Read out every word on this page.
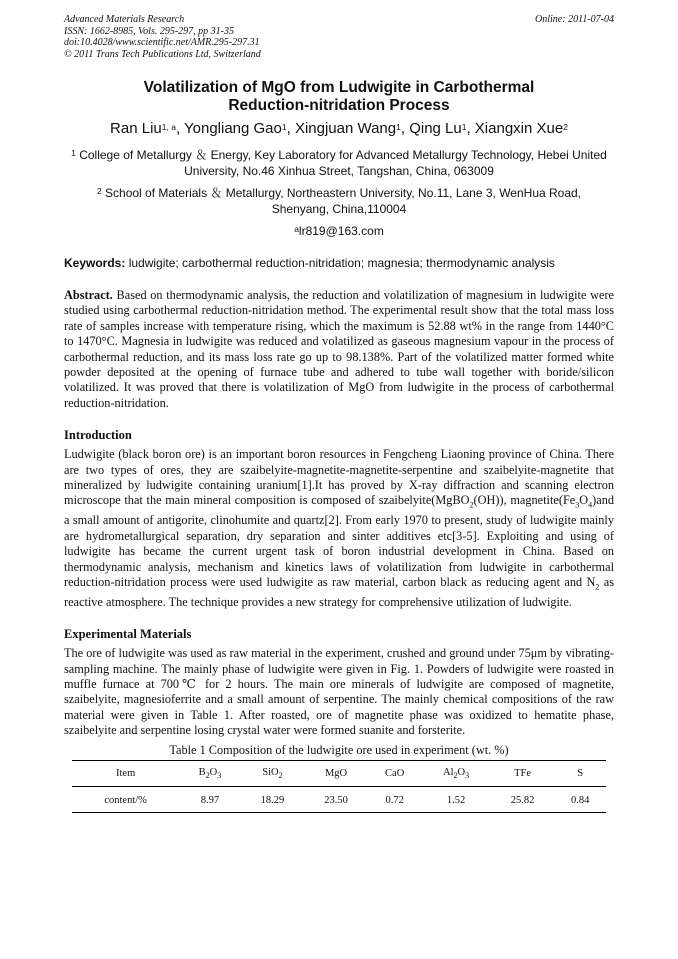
Advanced Materials Research
ISSN: 1662-8985, Vols. 295-297, pp 31-35
doi:10.4028/www.scientific.net/AMR.295-297.31
© 2011 Trans Tech Publications Ltd, Switzerland
Online: 2011-07-04
Volatilization of MgO from Ludwigite in Carbothermal
Reduction-nitridation Process
Ran Liu$^{1, a}$, Yongliang Gao$^1$, Xingjuan Wang$^1$, Qing Lu$^1$, Xiangxin Xue$^2$
$^1$ College of Metallurgy ＆ Energy, Key Laboratory for Advanced Metallurgy Technology, Hebei United
University, No.46 Xinhua Street, Tangshan, China, 063009
$^2$ School of Materials ＆ Metallurgy, Northeastern University, No.11, Lane 3, WenHua Road,
Shenyang, China,110004
$^a$lr819@163.com
Keywords: ludwigite; carbothermal reduction-nitridation; magnesia; thermodynamic analysis

Abstract. Based on thermodynamic analysis, the reduction and volatilization of magnesium in ludwigite were studied using carbothermal reduction-nitridation method. The experimental result show that the total mass loss rate of samples increase with temperature rising, which the maximum is 52.88 wt% in the range from 1440°C to 1470°C. Magnesia in ludwigite was reduced and volatilized as gaseous magnesium vapour in the process of carbothermal reduction, and its mass loss rate go up to 98.138%. Part of the volatilized matter formed white powder deposited at the opening of furnace tube and adhered to tube wall together with boride/silicon volatilized. It was proved that there is volatilization of MgO from ludwigite in the process of carbothermal reduction-nitridation.

Introduction

Ludwigite (black boron ore) is an important boron resources in Fengcheng Liaoning province of China. There are two types of ores, they are szaibelyite-magnetite-magnetite-serpentine and szaibelyite-magnetite that mineralized by ludwigite containing uranium[1].It has proved by X-ray diffraction and scanning electron microscope that the main mineral composition is composed of szaibelyite(MgBO$_2$(OH)), $magnetite(Fe_3O_4)and$ a small amount of antigorite, clinohumite and quartz[2]. From early 1970 to present, study of ludwigite mainly are hydrometallurgical separation, dry separation and sinter additives etc[3-5]. Exploiting and using of ludwigite has became the current urgent task of boron industrial development in China. Based on thermodynamic analysis, mechanism and kinetics laws of volatilization from ludwigite in carbothermal reduction-nitridation process were used ludwigite as raw material, carbon black as reducing agent and $N_2$ as reactive atmosphere. The technique provides a new strategy for comprehensive utilization of ludwigite.

Experimental Materials

The ore of ludwigite was used as raw material in the experiment, crushed and ground under 75μm by vibrating-sampling machine. The mainly phase of ludwigite were given in Fig. 1. Powders of ludwigite were roasted in muffle furnace at 700℃ for 2 hours. The main ore minerals of ludwigite are composed of magnetite, szaibelyite, magnesioferrite and a small amount of serpentine. The mainly chemical compositions of the raw material were given in Table 1. After roasted, ore of magnetite phase was oxidized to hematite phase, szaibelyite and serpentine losing crystal water were formed suanite and forsterite.

Table 1 Composition of the ludwigite ore used in experiment (wt. %)
Item	$B_2O_3$	SiO$_2$	MgO	CaO	$Al_2O_3$	TFe	S
content/%	8.97	18.29	23.50	0.72	1.52	25.82	0.84
